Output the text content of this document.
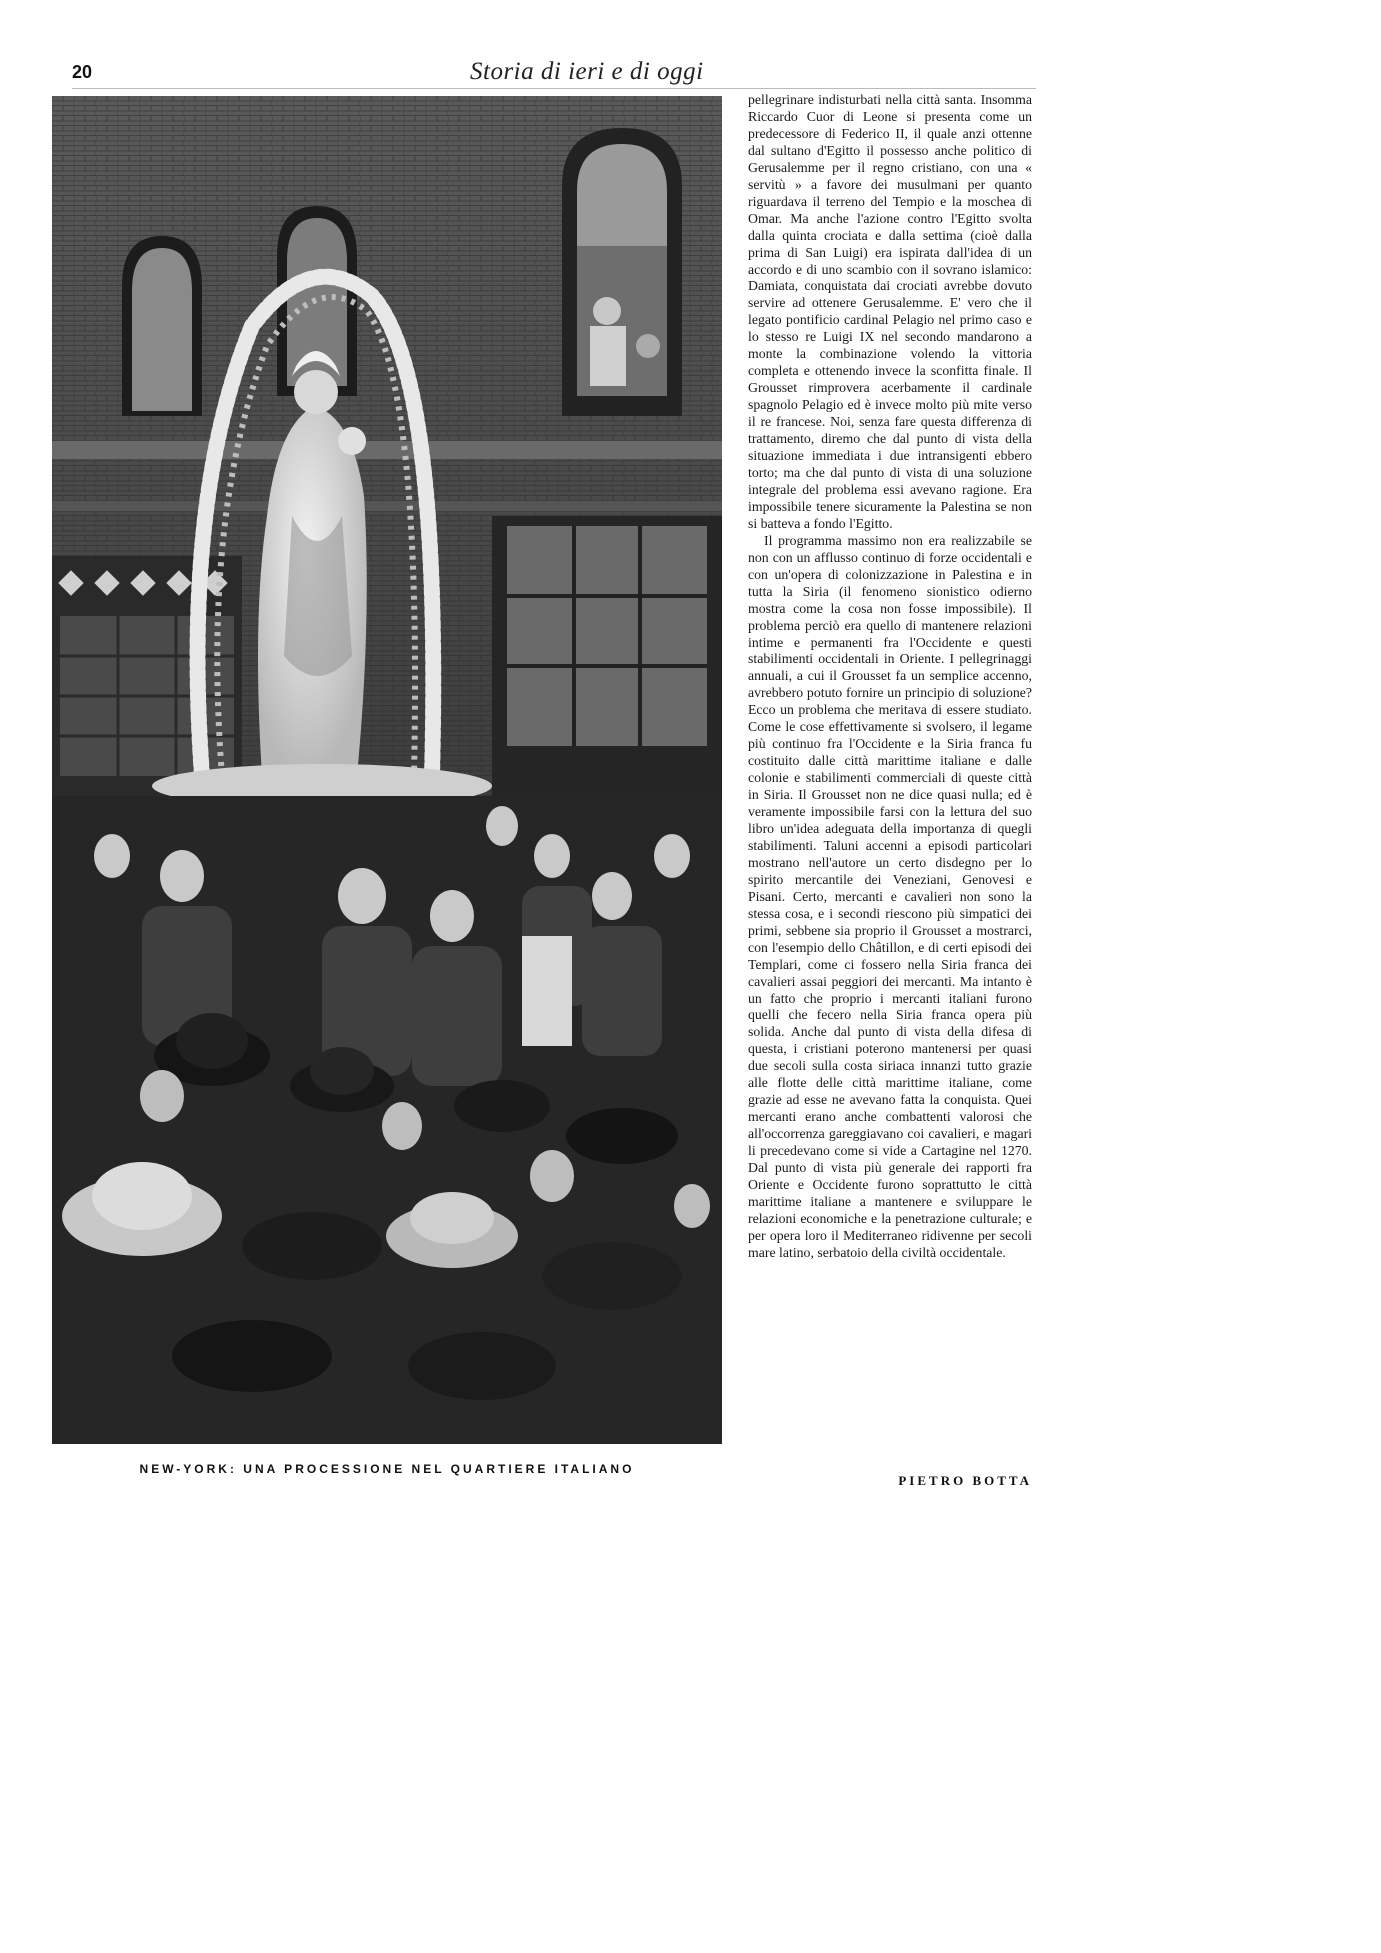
20	Storia di ieri e di oggi
NEW-YORK: UNA PROCESSIONE NEL QUARTIERE ITALIANO

pellegrinare indisturbati nella città santa. Insomma Riccardo Cuor di Leone si presenta come un predecessore di Federico II, il quale anzi ottenne dal sultano d'Egitto il possesso anche politico di Gerusalemme per il regno cristiano, con una « servitù » a favore dei musulmani per quanto riguardava il terreno del Tempio e la moschea di Omar. Ma anche l'azione contro l'Egitto svolta dalla quinta crociata e dalla settima (cioè dalla prima di San Luigi) era ispirata dall'idea di un accordo e di uno scambio con il sovrano islamico: Damiata, conquistata dai crociati avrebbe dovuto servire ad ottenere Gerusalemme. E' vero che il legato pontificio cardinal Pelagio nel primo caso e lo stesso re Luigi IX nel secondo mandarono a monte la combinazione volendo la vittoria completa e ottenendo invece la sconfitta finale. Il Grousset rimprovera acerbamente il cardinale spagnolo Pelagio ed è invece molto più mite verso il re francese. Noi, senza fare questa differenza di trattamento, diremo che dal punto di vista della situazione immediata i due intransigenti ebbero torto; ma che dal punto di vista di una soluzione integrale del problema essi avevano ragione. Era impossibile tenere sicuramente la Palestina se non si batteva a fondo l'Egitto.

Il programma massimo non era realizzabile se non con un afflusso continuo di forze occidentali e con un'opera di colonizzazione in Palestina e in tutta la Siria (il fenomeno sionistico odierno mostra come la cosa non fosse impossibile). Il problema perciò era quello di mantenere relazioni intime e permanenti fra l'Occidente e questi stabilimenti occidentali in Oriente. I pellegrinaggi annuali, a cui il Grousset fa un semplice accenno, avrebbero potuto fornire un principio di soluzione? Ecco un problema che meritava di essere studiato. Come le cose effettivamente si svolsero, il legame più continuo fra l'Occidente e la Siria franca fu costituito dalle città marittime italiane e dalle colonie e stabilimenti commerciali di queste città in Siria. Il Grousset non ne dice quasi nulla; ed è veramente impossibile farsi con la lettura del suo libro un'idea adeguata della importanza di quegli stabilimenti. Taluni accenni a episodi particolari mostrano nell'autore un certo disdegno per lo spirito mercantile dei Veneziani, Genovesi e Pisani. Certo, mercanti e cavalieri non sono la stessa cosa, e i secondi riescono più simpatici dei primi, sebbene sia proprio il Grousset a mostrarci, con l'esempio dello Châtillon, e di certi episodi dei Templari, come ci fossero nella Siria franca dei cavalieri assai peggiori dei mercanti. Ma intanto è un fatto che proprio i mercanti italiani furono quelli che fecero nella Siria franca opera più solida. Anche dal punto di vista della difesa di questa, i cristiani poterono mantenersi per quasi due secoli sulla costa siriaca innanzi tutto grazie alle flotte delle città marittime italiane, come grazie ad esse ne avevano fatta la conquista. Quei mercanti erano anche combattenti valorosi che all'occorrenza gareggiavano coi cavalieri, e magari li precedevano come si vide a Cartagine nel 1270. Dal punto di vista più generale dei rapporti fra Oriente e Occidente furono soprattutto le città marittime italiane a mantenere e sviluppare le relazioni economiche e la penetrazione culturale; e per opera loro il Mediterraneo ridivenne per secoli mare latino, serbatoio della civiltà occidentale.

PIETRO BOTTA
